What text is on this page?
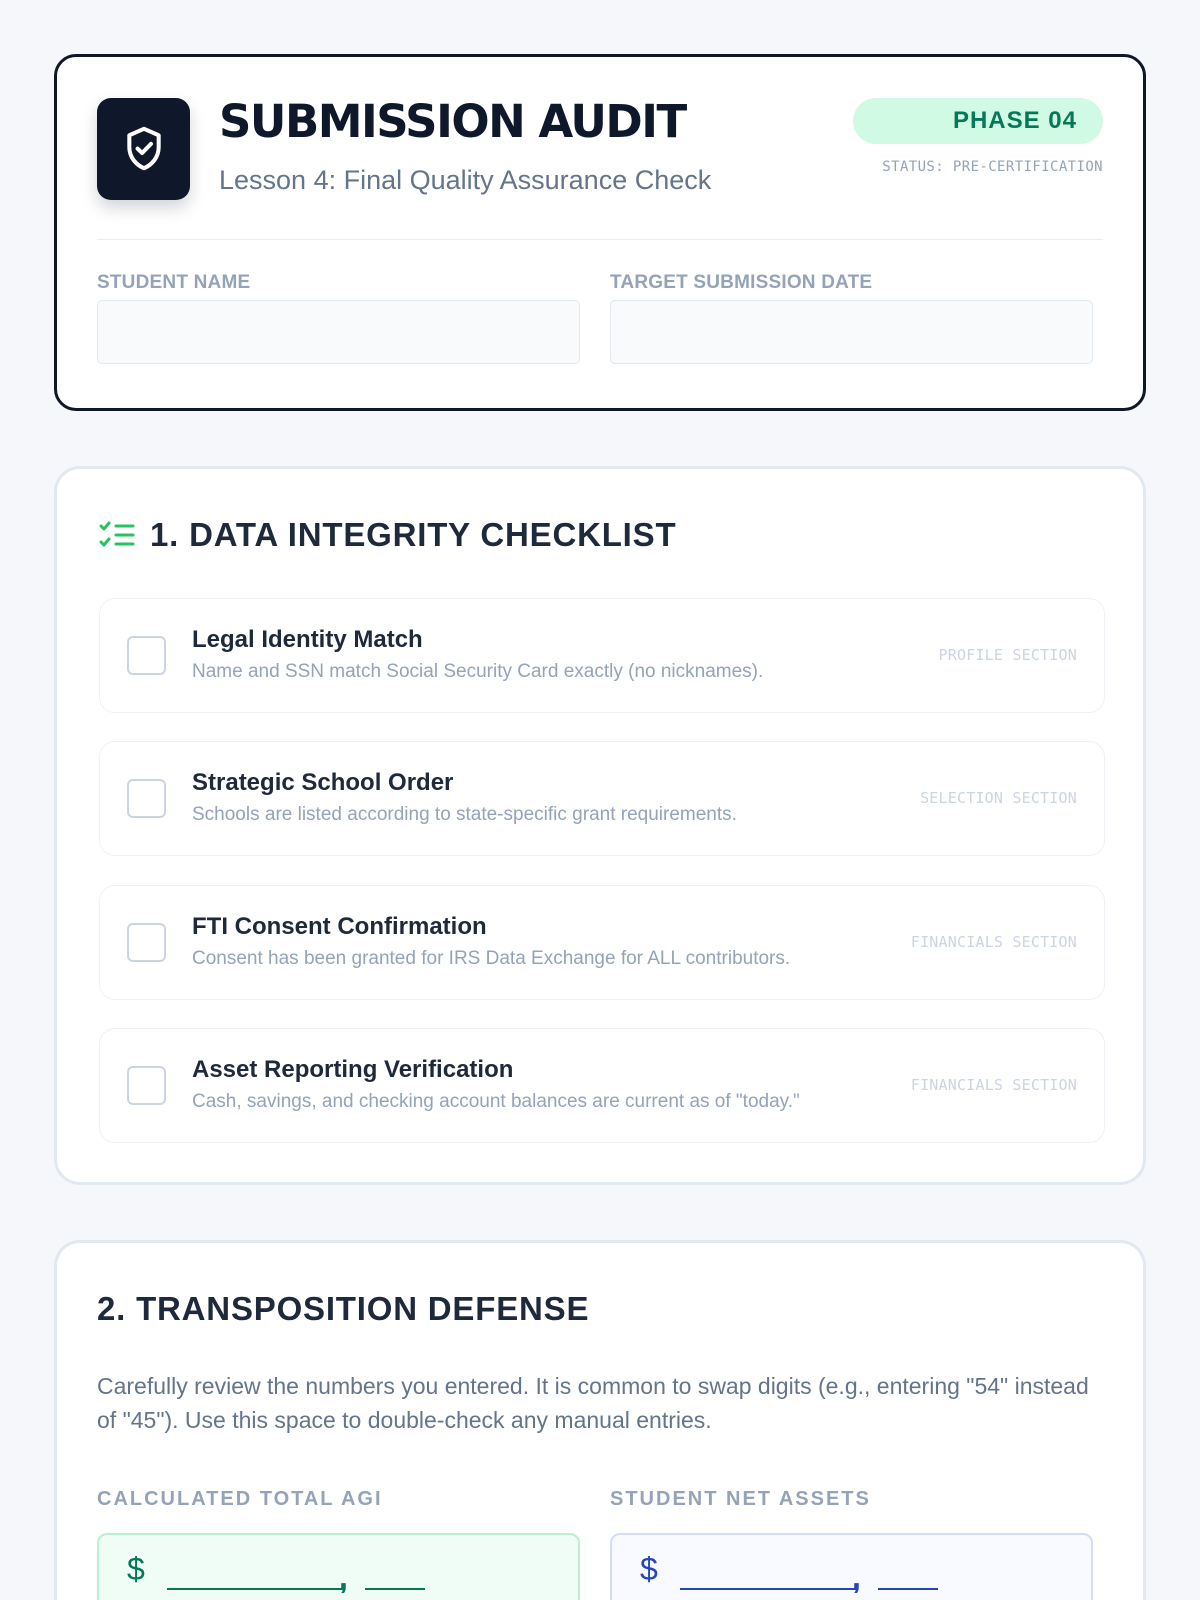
SUBMISSION AUDIT
Lesson 4: Final Quality Assurance Check
PHASE 04
STATUS: PRE-CERTIFICATION
STUDENT NAME	TARGET SUBMISSION DATE
1. DATA INTEGRITY CHECKLIST
Legal Identity Match
Name and SSN match Social Security Card exactly (no nicknames).
PROFILE SECTION
Strategic School Order
Schools are listed according to state-specific grant requirements.
SELECTION SECTION
FTI Consent Confirmation
Consent has been granted for IRS Data Exchange for ALL contributors.
FINANCIALS SECTION
Asset Reporting Verification
Cash, savings, and checking account balances are current as of "today."
FINANCIALS SECTION
2. TRANSPOSITION DEFENSE
Carefully review the numbers you entered. It is common to swap digits (e.g., entering "54" instead of "45"). Use this space to double-check any manual entries.
CALCULATED TOTAL AGI
$	,
STUDENT NET ASSETS
$	,
